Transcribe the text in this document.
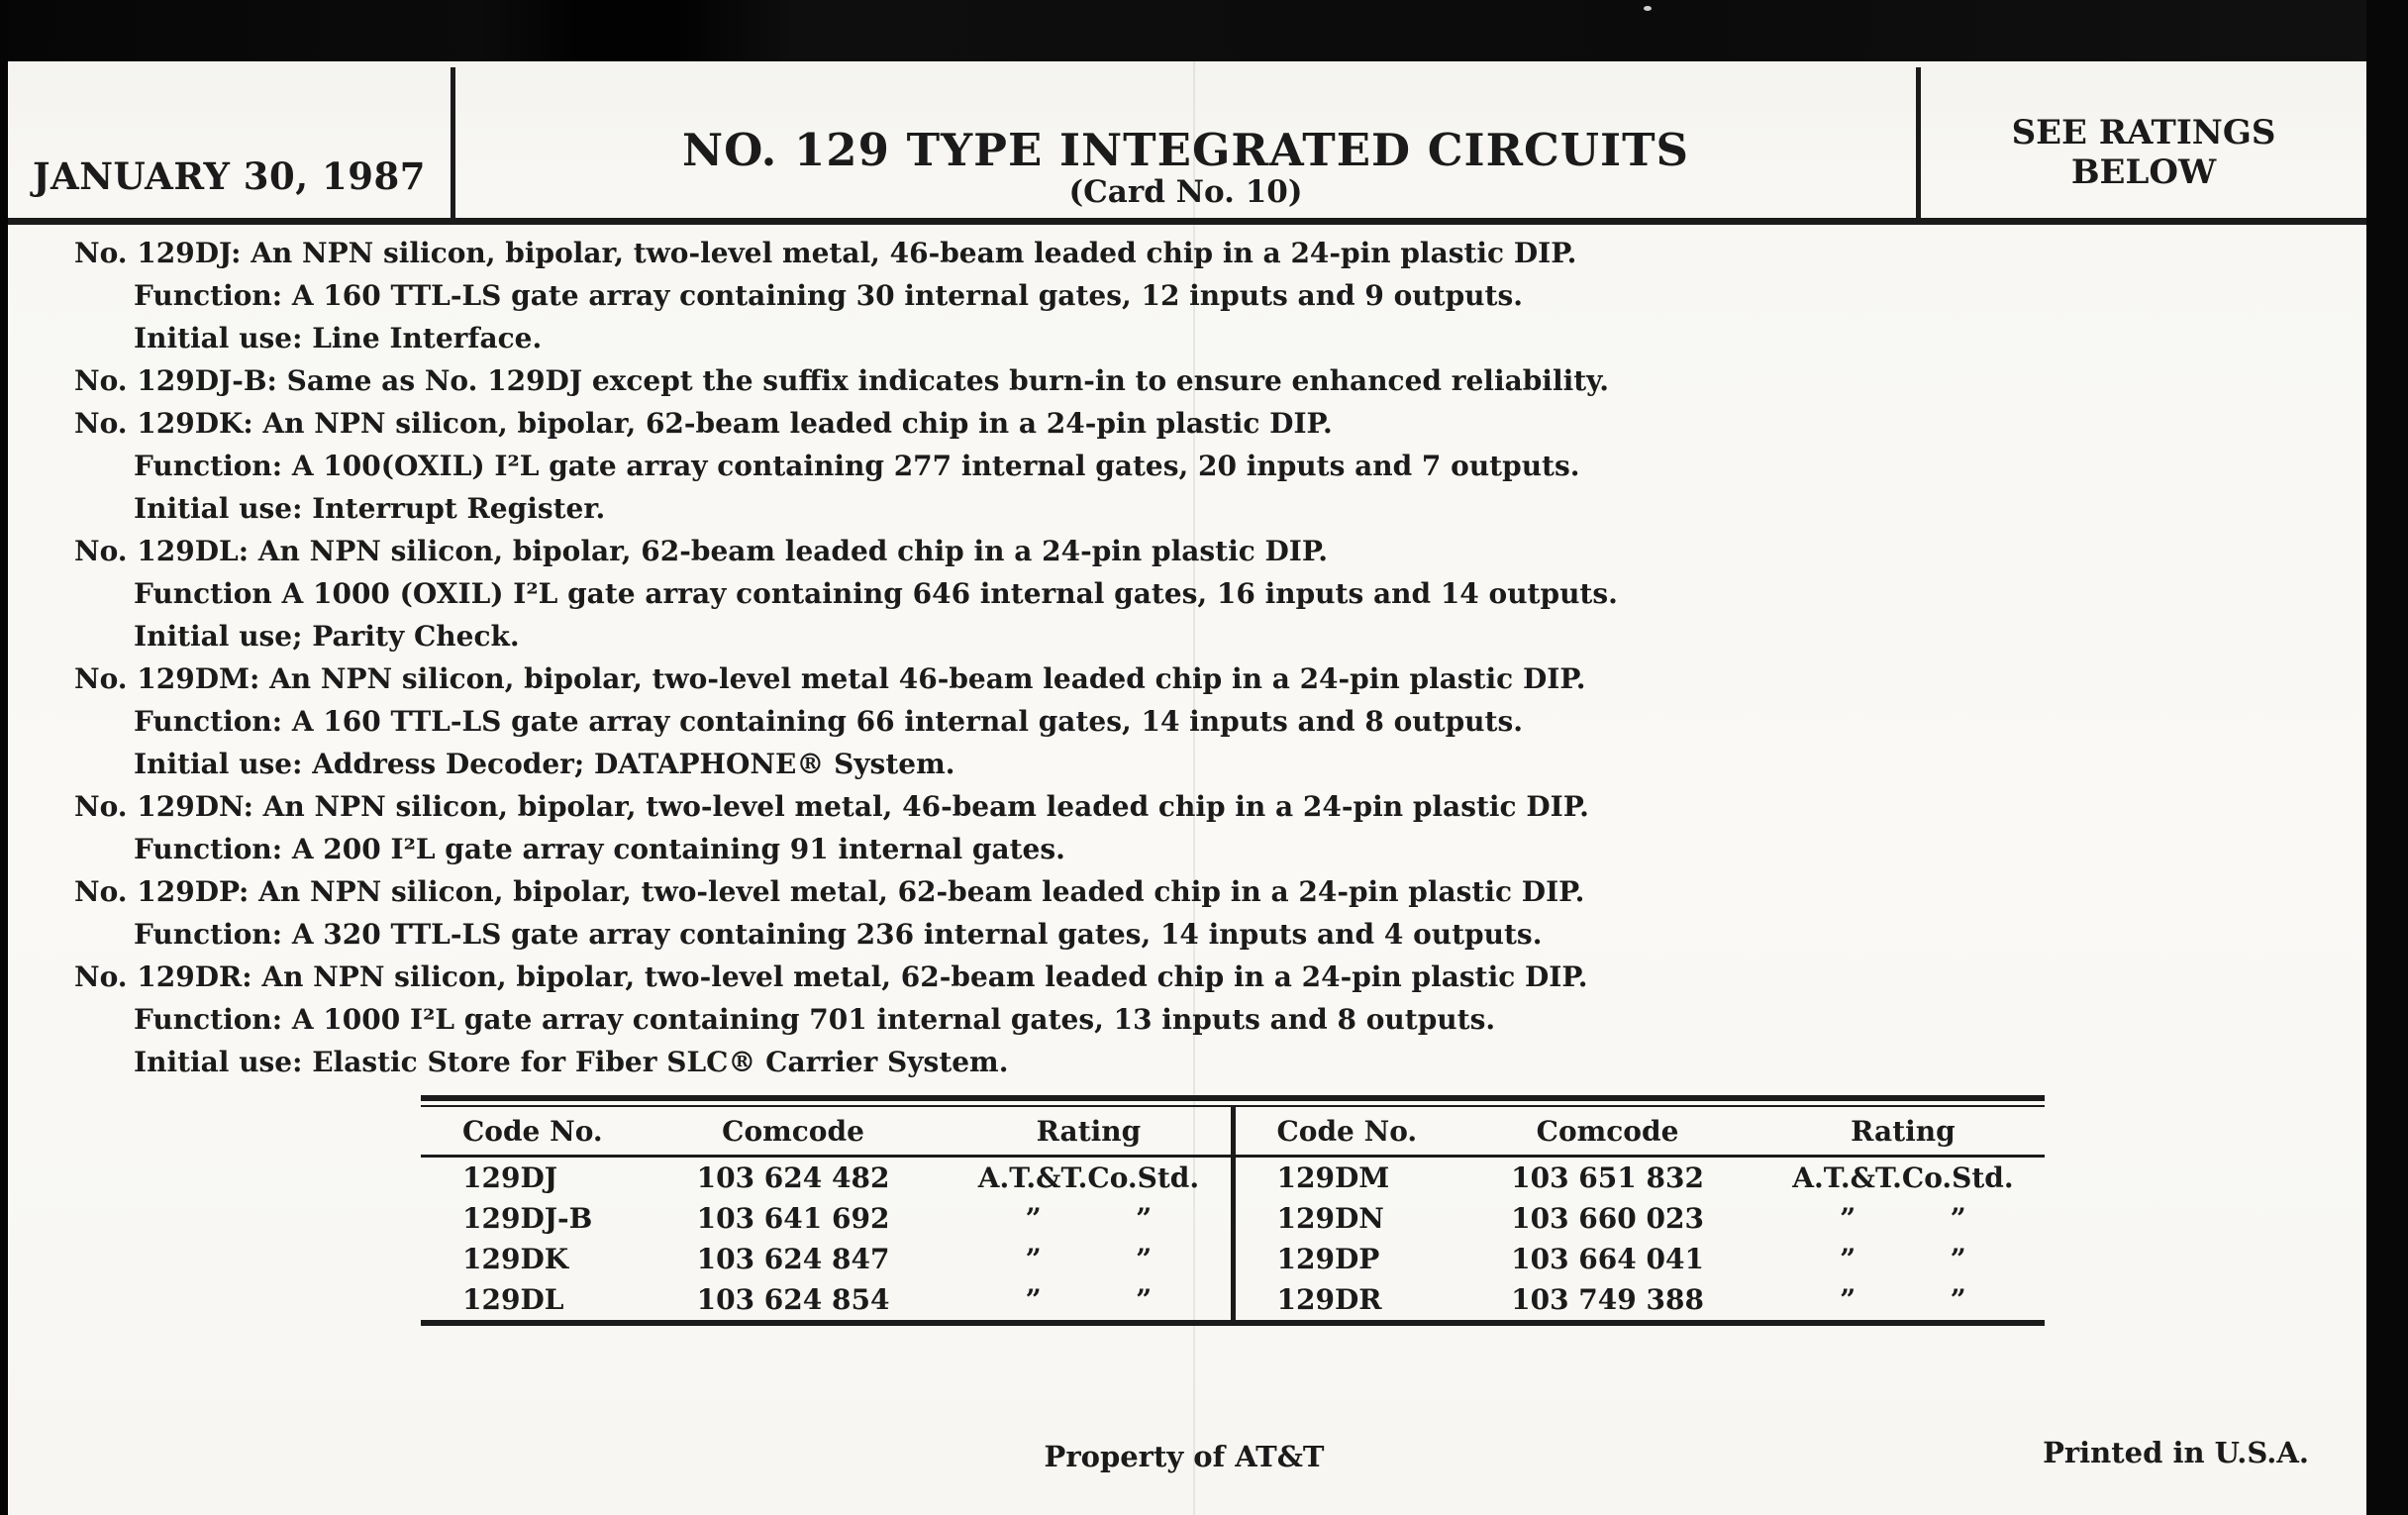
JANUARY 30, 1987	NO. 129 TYPE INTEGRATED CIRCUITS
(Card No. 10)
SEE RATINGS
BELOW

No. 129DJ: An NPN silicon, bipolar, two-level metal, 46-beam leaded chip in a 24-pin plastic DIP.

Function: A 160 TTL-LS gate array containing 30 internal gates, 12 inputs and 9 outputs.

Initial use: Line Interface.

No. 129DJ-B: Same as No. 129DJ except the suffix indicates burn-in to ensure enhanced reliability.

No. 129DK: An NPN silicon, bipolar, 62-beam leaded chip in a 24-pin plastic DIP.

Function: A 100(OXIL) I²L gate array containing 277 internal gates, 20 inputs and 7 outputs.

Initial use: Interrupt Register.

No. 129DL: An NPN silicon, bipolar, 62-beam leaded chip in a 24-pin plastic DIP.

Function A 1000 (OXIL) I²L gate array containing 646 internal gates, 16 inputs and 14 outputs.

Initial use; Parity Check.

No. 129DM: An NPN silicon, bipolar, two-level metal 46-beam leaded chip in a 24-pin plastic DIP.

Function: A 160 TTL-LS gate array containing 66 internal gates, 14 inputs and 8 outputs.

Initial use: Address Decoder; DATAPHONE® System.

No. 129DN: An NPN silicon, bipolar, two-level metal, 46-beam leaded chip in a 24-pin plastic DIP.

Function: A 200 I²L gate array containing 91 internal gates.

No. 129DP: An NPN silicon, bipolar, two-level metal, 62-beam leaded chip in a 24-pin plastic DIP.

Function: A 320 TTL-LS gate array containing 236 internal gates, 14 inputs and 4 outputs.

No. 129DR: An NPN silicon, bipolar, two-level metal, 62-beam leaded chip in a 24-pin plastic DIP.

Function: A 1000 I²L gate array containing 701 internal gates, 13 inputs and 8 outputs.

Initial use: Elastic Store for Fiber SLC® Carrier System.

Code No.	Comcode	Rating
129DJ	103 624 482	A.T.&T.Co.Std.
129DJ-B	103 641 692	”  ”
129DK	103 624 847	”  ”
129DL	103 624 854	”  ”
Code No.	Comcode	Rating
129DM	103 651 832	A.T.&T.Co.Std.
129DN	103 660 023	”  ”
129DP	103 664 041	”  ”
129DR	103 749 388	”  ”
Property of AT&T	Printed in U.S.A.
